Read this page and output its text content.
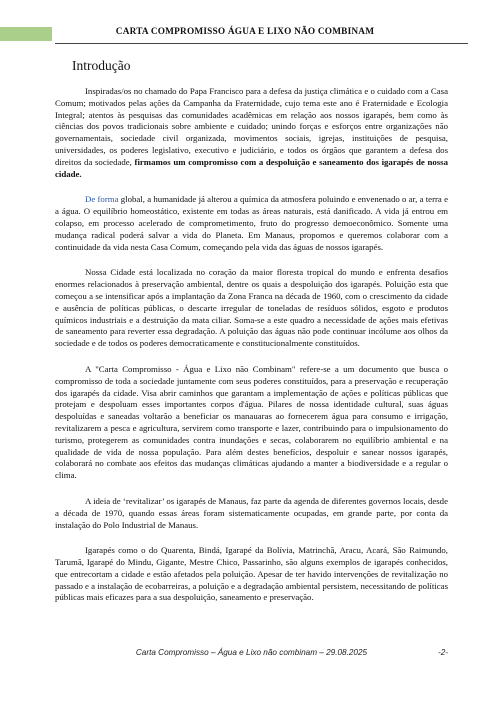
CARTA COMPROMISSO ÁGUA E LIXO NÃO COMBINAM
Introdução

Inspiradas/os no chamado do Papa Francisco para a defesa da justiça climática e o cuidado com a Casa Comum; motivados pelas ações da Campanha da Fraternidade, cujo tema este ano é Fraternidade e Ecologia Integral; atentos às pesquisas das comunidades acadêmicas em relação aos nossos igarapés, bem como às ciências dos povos tradicionais sobre ambiente e cuidado; unindo forças e esforços entre organizações não governamentais, sociedade civil organizada, movimentos sociais, igrejas, instituições de pesquisa, universidades, os poderes legislativo, executivo e judiciário, e todos os órgãos que garantem a defesa dos direitos da sociedade, firmamos um compromisso com a despoluição e saneamento dos igarapés de nossa cidade.

De forma global, a humanidade já alterou a química da atmosfera poluindo e envenenado o ar, a terra e a água. O equilíbrio homeostático, existente em todas as áreas naturais, está danificado. A vida já entrou em colapso, em processo acelerado de comprometimento, fruto do progresso demoeconômico. Somente uma mudança radical poderá salvar a vida do Planeta. Em Manaus, propomos e queremos colaborar com a continuidade da vida nesta Casa Comum, começando pela vida das águas de nossos igarapés.

Nossa Cidade está localizada no coração da maior floresta tropical do mundo e enfrenta desafios enormes relacionados à preservação ambiental, dentre os quais a despoluição dos igarapés. Poluição esta que começou a se intensificar após a implantação da Zona Franca na década de 1960, com o crescimento da cidade e ausência de políticas públicas, o descarte irregular de toneladas de resíduos sólidos, esgoto e produtos químicos industriais e a destruição da mata ciliar. Soma-se a este quadro a necessidade de ações mais efetivas de saneamento para reverter essa degradação. A poluição das águas não pode continuar incólume aos olhos da sociedade e de todos os poderes democraticamente e constitucionalmente constituídos.

A "Carta Compromisso - Água e Lixo não Combinam" refere-se a um documento que busca o compromisso de toda a sociedade juntamente com seus poderes constituídos, para a preservação e recuperação dos igarapés da cidade. Visa abrir caminhos que garantam a implementação de ações e políticas públicas que protejam e despoluam esses importantes corpos d'água. Pilares de nossa identidade cultural, suas águas despoluídas e saneadas voltarão a beneficiar os manauaras ao fornecerem água para consumo e irrigação, revitalizarem a pesca e agricultura, servirem como transporte e lazer, contribuindo para o impulsionamento do turismo, protegerem as comunidades contra inundações e secas, colaborarem no equilíbrio ambiental e na qualidade de vida de nossa população. Para além destes benefícios, despoluir e sanear nossos igarapés, colaborará no combate aos efeitos das mudanças climáticas ajudando a manter a biodiversidade e a regular o clima.

A ideia de ‘revitalizar’ os igarapés de Manaus, faz parte da agenda de diferentes governos locais, desde a década de 1970, quando essas áreas foram sistematicamente ocupadas, em grande parte, por conta da instalação do Polo Industrial de Manaus.

Igarapés como o do Quarenta, Bindá, Igarapé da Bolívia, Matrinchã, Aracu, Acará, São Raimundo, Tarumã, Igarapé do Mindu, Gigante, Mestre Chico, Passarinho, são alguns exemplos de igarapés conhecidos, que entrecortam a cidade e estão afetados pela poluição. Apesar de ter havido intervenções de revitalização no passado e a instalação de ecobarreiras, a poluição e a degradação ambiental persistem, necessitando de políticas públicas mais eficazes para a sua despoluição, saneamento e preservação.

Carta Compromisso – Água e Lixo não combinam – 29.08.2025	-2-
